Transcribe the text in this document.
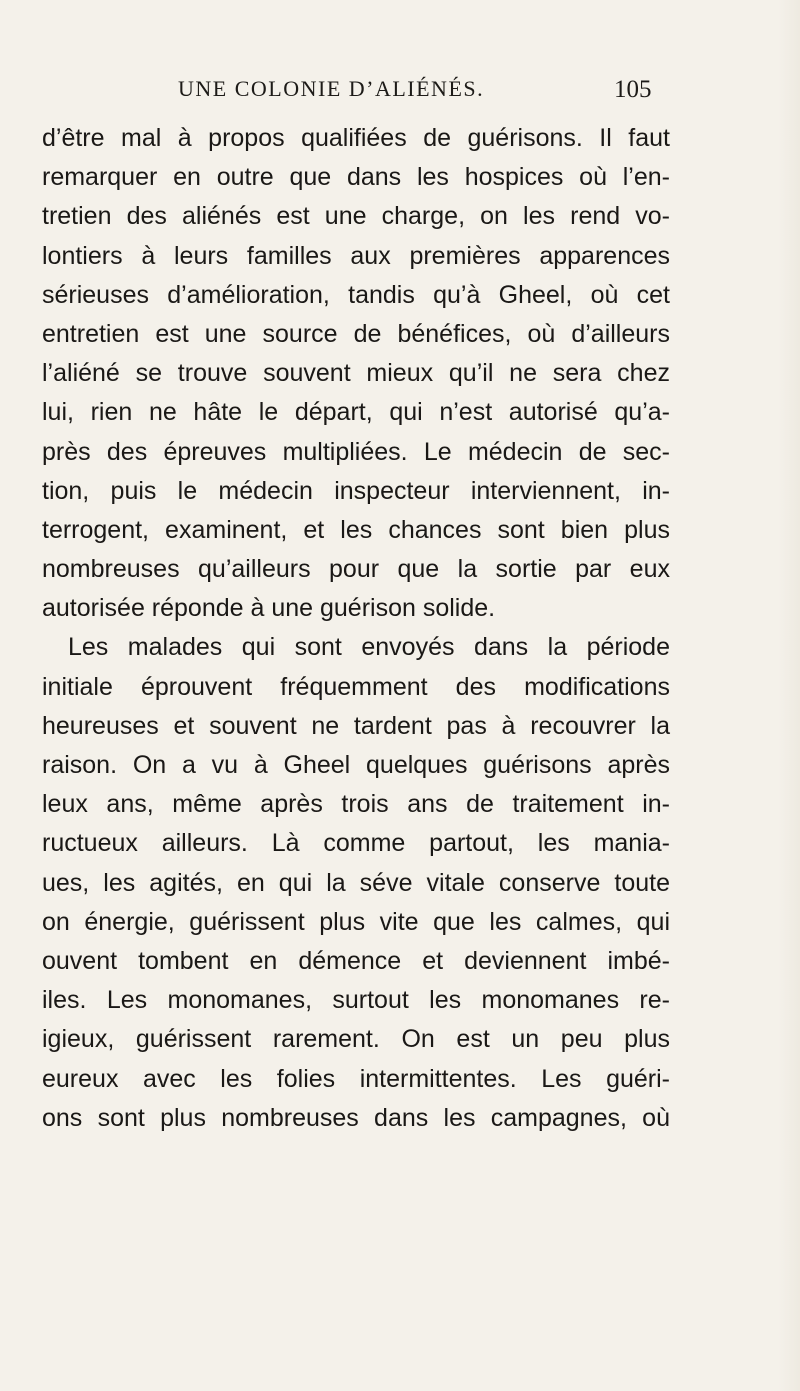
UNE COLONIE D’ALIÉNÉS.	105
d’être mal à propos qualifiées de guérisons. Il faut
remarquer en outre que dans les hospices où l’en-
tretien des aliénés est une charge, on les rend vo-
lontiers à leurs familles aux premières apparences
sérieuses d’amélioration, tandis qu’à Gheel, où cet
entretien est une source de bénéfices, où d’ailleurs
l’aliéné se trouve souvent mieux qu’il ne sera chez
lui, rien ne hâte le départ, qui n’est autorisé qu’a-
près des épreuves multipliées. Le médecin de sec-
tion, puis le médecin inspecteur interviennent, in-
terrogent, examinent, et les chances sont bien plus
nombreuses qu’ailleurs pour que la sortie par eux
autorisée réponde à une guérison solide.
Les malades qui sont envoyés dans la période
initiale éprouvent fréquemment des modifications
heureuses et souvent ne tardent pas à recouvrer la
raison. On a vu à Gheel quelques guérisons après
leux ans, même après trois ans de traitement in-
ructueux ailleurs. Là comme partout, les mania-
ues, les agités, en qui la séve vitale conserve toute
on énergie, guérissent plus vite que les calmes, qui
ouvent tombent en démence et deviennent imbé-
iles. Les monomanes, surtout les monomanes re-
igieux, guérissent rarement. On est un peu plus
eureux avec les folies intermittentes. Les guéri-
ons sont plus nombreuses dans les campagnes, où
